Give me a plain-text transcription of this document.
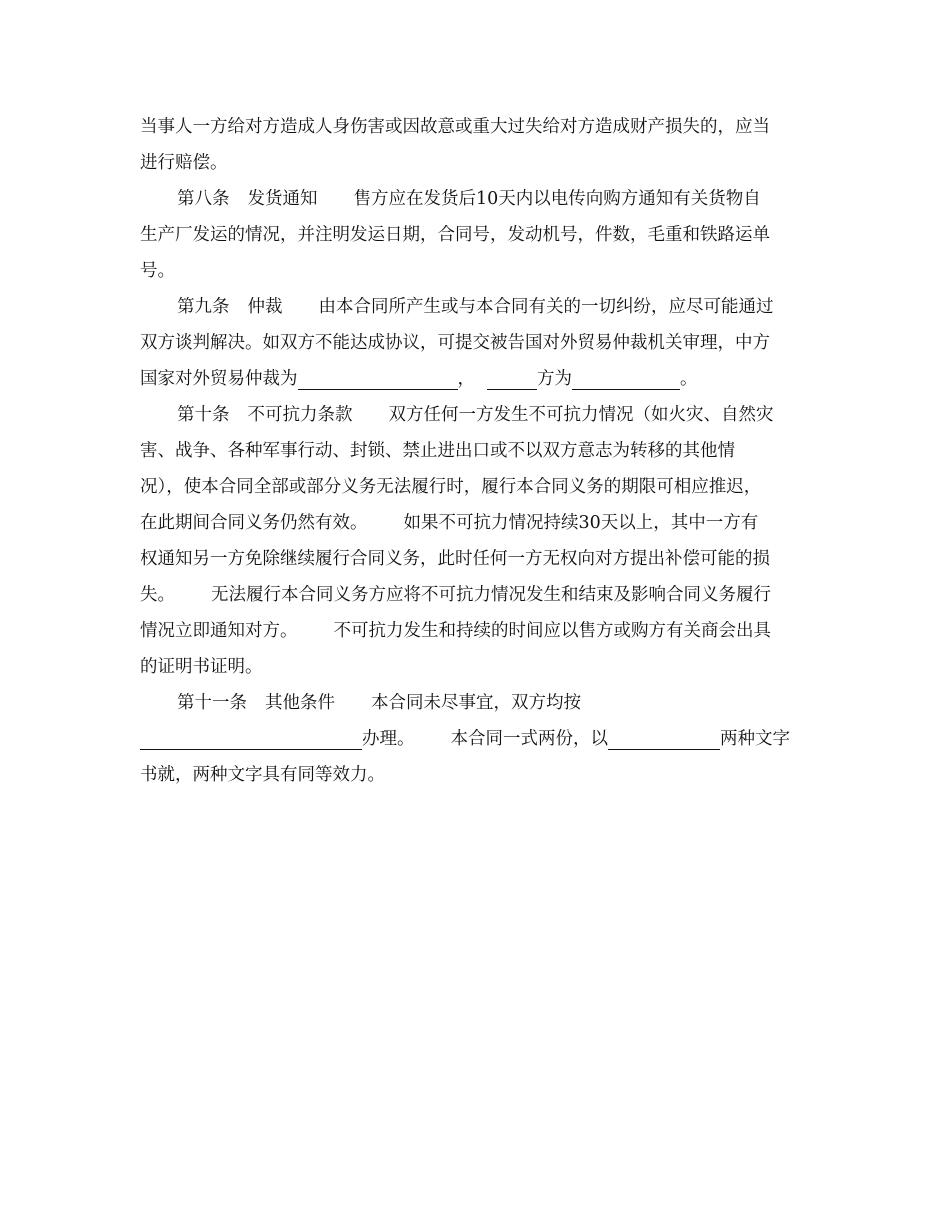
当事人一方给对方造成人身伤害或因故意或重大过失给对方造成财产损失的，应当
进行赔偿。
第八条 发货通知 售方应在发货后10天内以电传向购方通知有关货物自
生产厂发运的情况，并注明发运日期，合同号，发动机号，件数，毛重和铁路运单
号。
第九条 仲裁 由本合同所产生或与本合同有关的一切纠纷，应尽可能通过
双方谈判解决。如双方不能达成协议，可提交被告国对外贸易仲裁机关审理，中方
国家对外贸易仲裁为	，	方为	。
第十条 不可抗力条款 双方任何一方发生不可抗力情况（如火灾、自然灾
害、战争、各种军事行动、封锁、禁止进出口或不以双方意志为转移的其他情
况），使本合同全部或部分义务无法履行时，履行本合同义务的期限可相应推迟，
在此期间合同义务仍然有效。 如果不可抗力情况持续30天以上，其中一方有
权通知另一方免除继续履行合同义务，此时任何一方无权向对方提出补偿可能的损
失。 无法履行本合同义务方应将不可抗力情况发生和结束及影响合同义务履行
情况立即通知对方。 不可抗力发生和持续的时间应以售方或购方有关商会出具
的证明书证明。
第十一条 其他条件 本合同未尽事宜，双方均按
办理。 本合同一式两份，以	两种文字
书就，两种文字具有同等效力。
